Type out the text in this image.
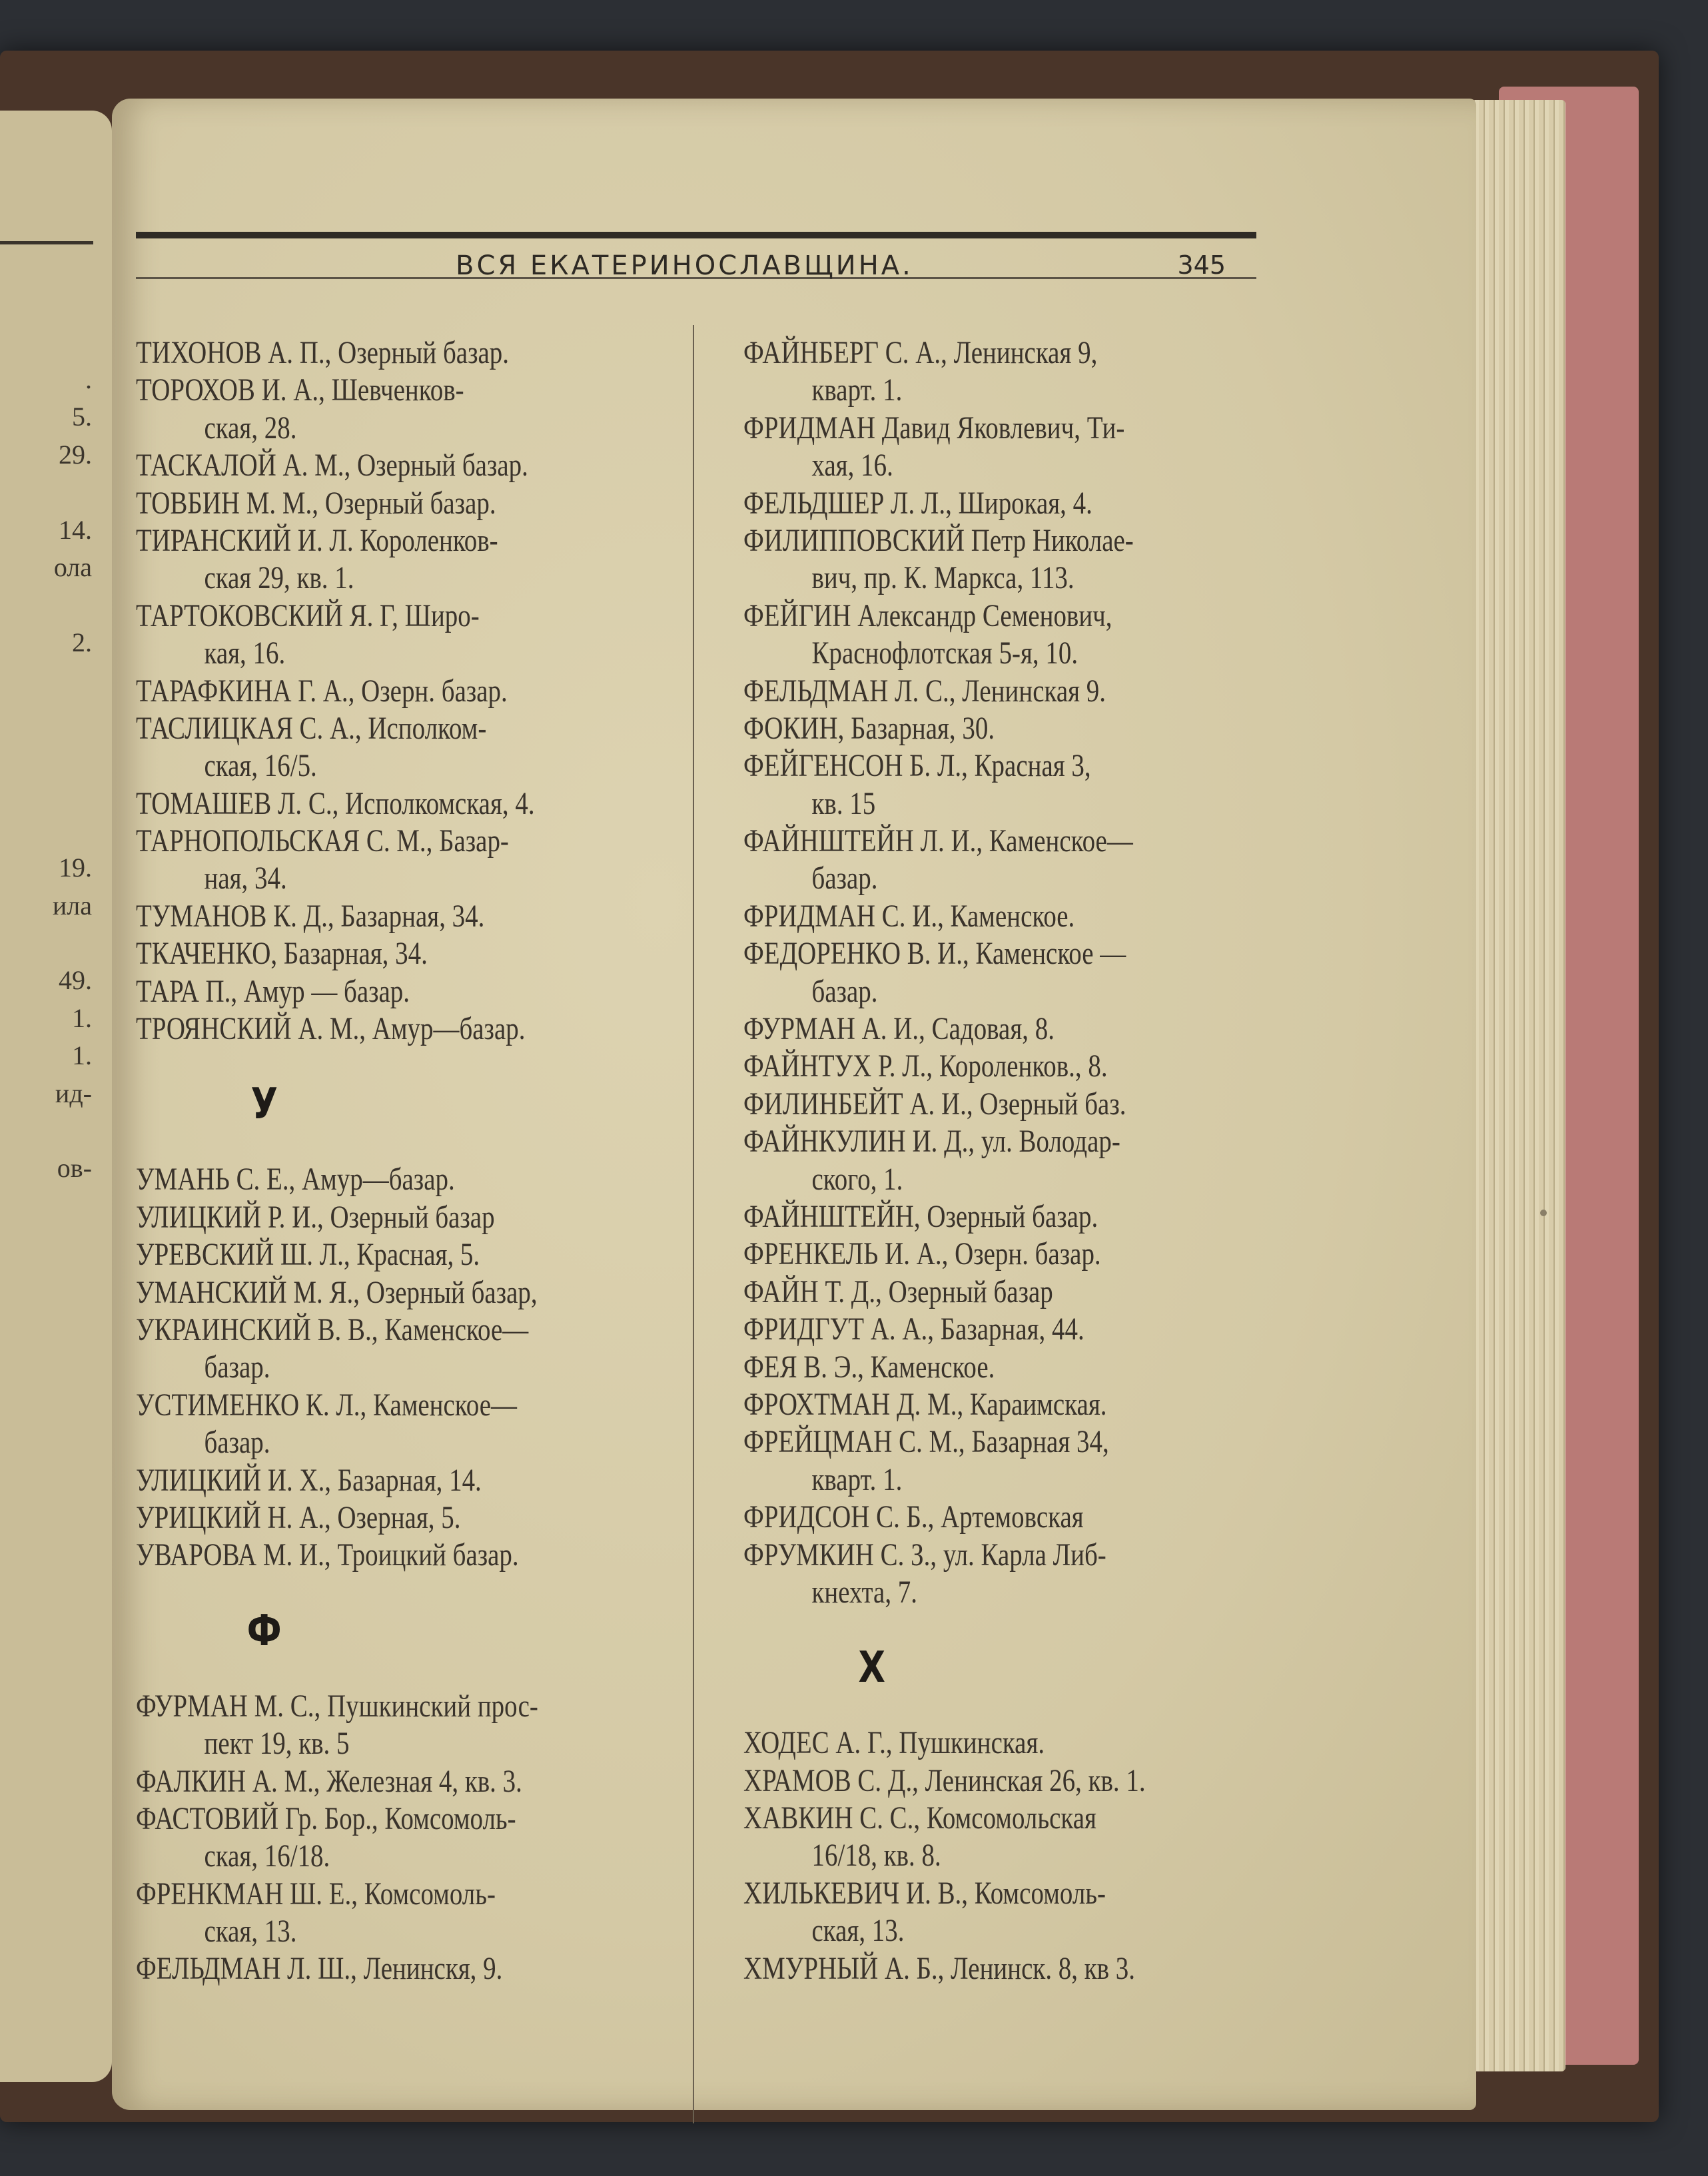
.
5.
29.
14.
ола
2.
19.
ила
49.
1.
1.
ид-
ов-
ВСЯ ЕКАТЕРИНОСЛАВЩИНА.	345
ТИХОНОВ А. П., Озерный базар.
ТОРОХОВ И. А., Шевченков-
ская, 28.
ТАСКАЛОЙ А. М., Озерный базар.
ТОВБИН М. М., Озерный базар.
ТИРАНСКИЙ И. Л. Короленков-
ская 29, кв. 1.
ТАРТОКОВСКИЙ Я. Г, Широ-
кая, 16.
ТАРАФКИНА Г. А., Озерн. базар.
ТАСЛИЦКАЯ С. А., Исполком-
ская, 16/5.
ТОМАШЕВ Л. С., Исполкомская, 4.
ТАРНОПОЛЬСКАЯ С. М., Базар-
ная, 34.
ТУМАНОВ К. Д., Базарная, 34.
ТКАЧЕНКО, Базарная, 34.
ТАРА П., Амур — базар.
ТРОЯНСКИЙ А. М., Амур—базар.
У
УМАНЬ С. Е., Амур—базар.
УЛИЦКИЙ Р. И., Озерный базар
УРЕВСКИЙ Ш. Л., Красная, 5.
УМАНСКИЙ М. Я., Озерный базар,
УКРАИНСКИЙ В. В., Каменское—
базар.
УСТИМЕНКО К. Л., Каменское—
базар.
УЛИЦКИЙ И. Х., Базарная, 14.
УРИЦКИЙ Н. А., Озерная, 5.
УВАРОВА М. И., Троицкий базар.
Ф
ФУРМАН М. С., Пушкинский прос-
пект 19, кв. 5
ФАЛКИН А. М., Железная 4, кв. 3.
ФАСТОВИЙ Гр. Бор., Комсомоль-
ская, 16/18.
ФРЕНКМАН Ш. Е., Комсомоль-
ская, 13.
ФЕЛЬДМАН Л. Ш., Ленинскя, 9.
ФАЙНБЕРГ С. А., Ленинская 9,
кварт. 1.
ФРИДМАН Давид Яковлевич, Ти-
хая, 16.
ФЕЛЬДШЕР Л. Л., Широкая, 4.
ФИЛИППОВСКИЙ Петр Николае-
вич, пр. К. Маркса, 113.
ФЕЙГИН Александр Семенович,
Краснофлотская 5-я, 10.
ФЕЛЬДМАН Л. С., Ленинская 9.
ФОКИН, Базарная, 30.
ФЕЙГЕНСОН Б. Л., Красная 3,
кв. 15
ФАЙНШТЕЙН Л. И., Каменское—
базар.
ФРИДМАН С. И., Каменское.
ФЕДОРЕНКО В. И., Каменское —
базар.
ФУРМАН А. И., Садовая, 8.
ФАЙНТУХ Р. Л., Короленков., 8.
ФИЛИНБЕЙТ А. И., Озерный баз.
ФАЙНКУЛИН И. Д., ул. Володар-
ского, 1.
ФАЙНШТЕЙН, Озерный базар.
ФРЕНКЕЛЬ И. А., Озерн. базар.
ФАЙН Т. Д., Озерный базар
ФРИДГУТ А. А., Базарная, 44.
ФЕЯ В. Э., Каменское.
ФРОХТМАН Д. М., Караимская.
ФРЕЙЦМАН С. М., Базарная 34,
кварт. 1.
ФРИДСОН С. Б., Артемовская
ФРУМКИН С. З., ул. Карла Либ-
кнехта, 7.
Х
ХОДЕС А. Г., Пушкинская.
ХРАМОВ С. Д., Ленинская 26, кв. 1.
ХАВКИН С. С., Комсомольская
16/18, кв. 8.
ХИЛЬКЕВИЧ И. В., Комсомоль-
ская, 13.
ХМУРНЫЙ А. Б., Ленинск. 8, кв 3.
